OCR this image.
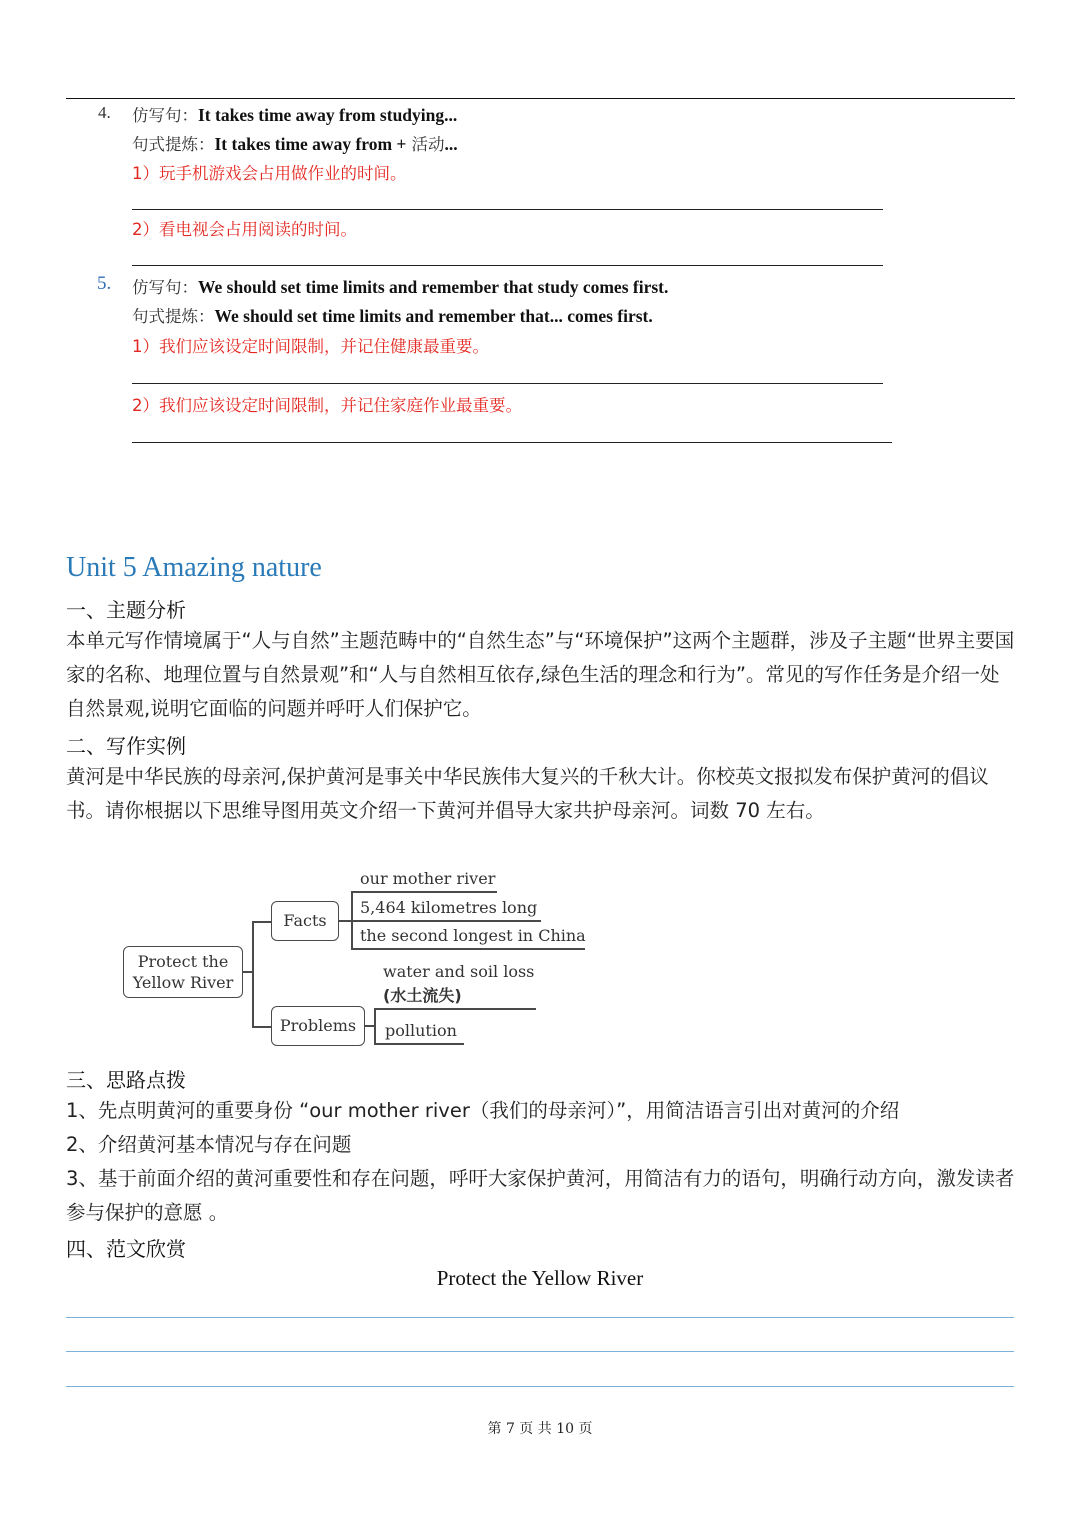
4. 仿写句：It takes time away from studying...
句式提炼：It takes time away from + 活动...
1）玩手机游戏会占用做作业的时间。
2）看电视会占用阅读的时间。
5. 仿写句：We should set time limits and remember that study comes first.
句式提炼：We should set time limits and remember that... comes first.
1）我们应该设定时间限制，并记住健康最重要。
2）我们应该设定时间限制，并记住家庭作业最重要。
Unit 5 Amazing nature
一、主题分析
本单元写作情境属于“人与自然”主题范畴中的“自然生态”与“环境保护”这两个主题群，涉及子主题“世界主要国家的名称、地理位置与自然景观”和“人与自然相互依存,绿色生活的理念和行为”。常见的写作任务是介绍一处自然景观,说明它面临的问题并呼吁人们保护它。
二、写作实例
黄河是中华民族的母亲河,保护黄河是事关中华民族伟大复兴的千秋大计。你校英文报拟发布保护黄河的倡议书。请你根据以下思维导图用英文介绍一下黄河并倡导大家共护母亲河。词数 70 左右。
Protect the
Yellow River
Facts
our mother river
5,464 kilometres long
the second longest in China
Problems
water and soil loss
(水土流失)
pollution
三、思路点拨
1、先点明黄河的重要身份 “our mother river（我们的母亲河）”，用简洁语言引出对黄河的介绍
2、介绍黄河基本情况与存在问题
3、基于前面介绍的黄河重要性和存在问题，呼吁大家保护黄河，用简洁有力的语句，明确行动方向，激发读者参与保护的意愿 。
四、范文欣赏
Protect the Yellow River
第 7 页 共 10 页
